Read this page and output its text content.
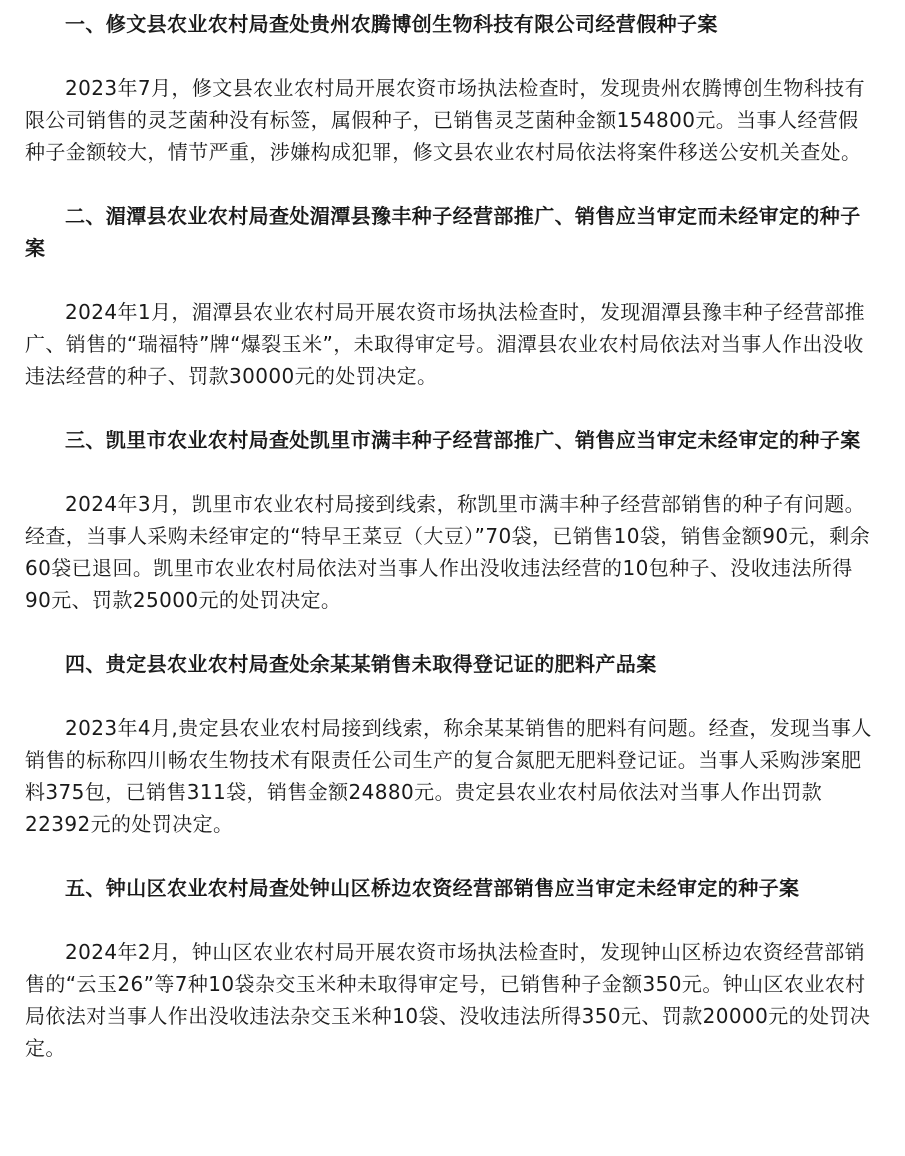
一、修文县农业农村局查处贵州农腾博创生物科技有限公司经营假种子案

2023年7月，修文县农业农村局开展农资市场执法检查时，发现贵州农腾博创生物科技有限公司销售的灵芝菌种没有标签，属假种子，已销售灵芝菌种金额154800元。当事人经营假种子金额较大，情节严重，涉嫌构成犯罪，修文县农业农村局依法将案件移送公安机关查处。

二、湄潭县农业农村局查处湄潭县豫丰种子经营部推广、销售应当审定而未经审定的种子案

2024年1月，湄潭县农业农村局开展农资市场执法检查时，发现湄潭县豫丰种子经营部推广、销售的“瑞福特”牌“爆裂玉米”，未取得审定号。湄潭县农业农村局依法对当事人作出没收违法经营的种子、罚款30000元的处罚决定。

三、凯里市农业农村局查处凯里市满丰种子经营部推广、销售应当审定未经审定的种子案

2024年3月，凯里市农业农村局接到线索，称凯里市满丰种子经营部销售的种子有问题。经查，当事人采购未经审定的“特早王菜豆（大豆）”70袋，已销售10袋，销售金额90元，剩余60袋已退回。凯里市农业农村局依法对当事人作出没收违法经营的10包种子、没收违法所得90元、罚款25000元的处罚决定。

四、贵定县农业农村局查处余某某销售未取得登记证的肥料产品案

2023年4月,贵定县农业农村局接到线索，称余某某销售的肥料有问题。经查，发现当事人销售的标称四川畅农生物技术有限责任公司生产的复合氮肥无肥料登记证。当事人采购涉案肥料375包，已销售311袋，销售金额24880元。贵定县农业农村局依法对当事人作出罚款22392元的处罚决定。

五、钟山区农业农村局查处钟山区桥边农资经营部销售应当审定未经审定的种子案

2024年2月，钟山区农业农村局开展农资市场执法检查时，发现钟山区桥边农资经营部销售的“云玉26”等7种10袋杂交玉米种未取得审定号，已销售种子金额350元。钟山区农业农村局依法对当事人作出没收违法杂交玉米种10袋、没收违法所得350元、罚款20000元的处罚决定。
